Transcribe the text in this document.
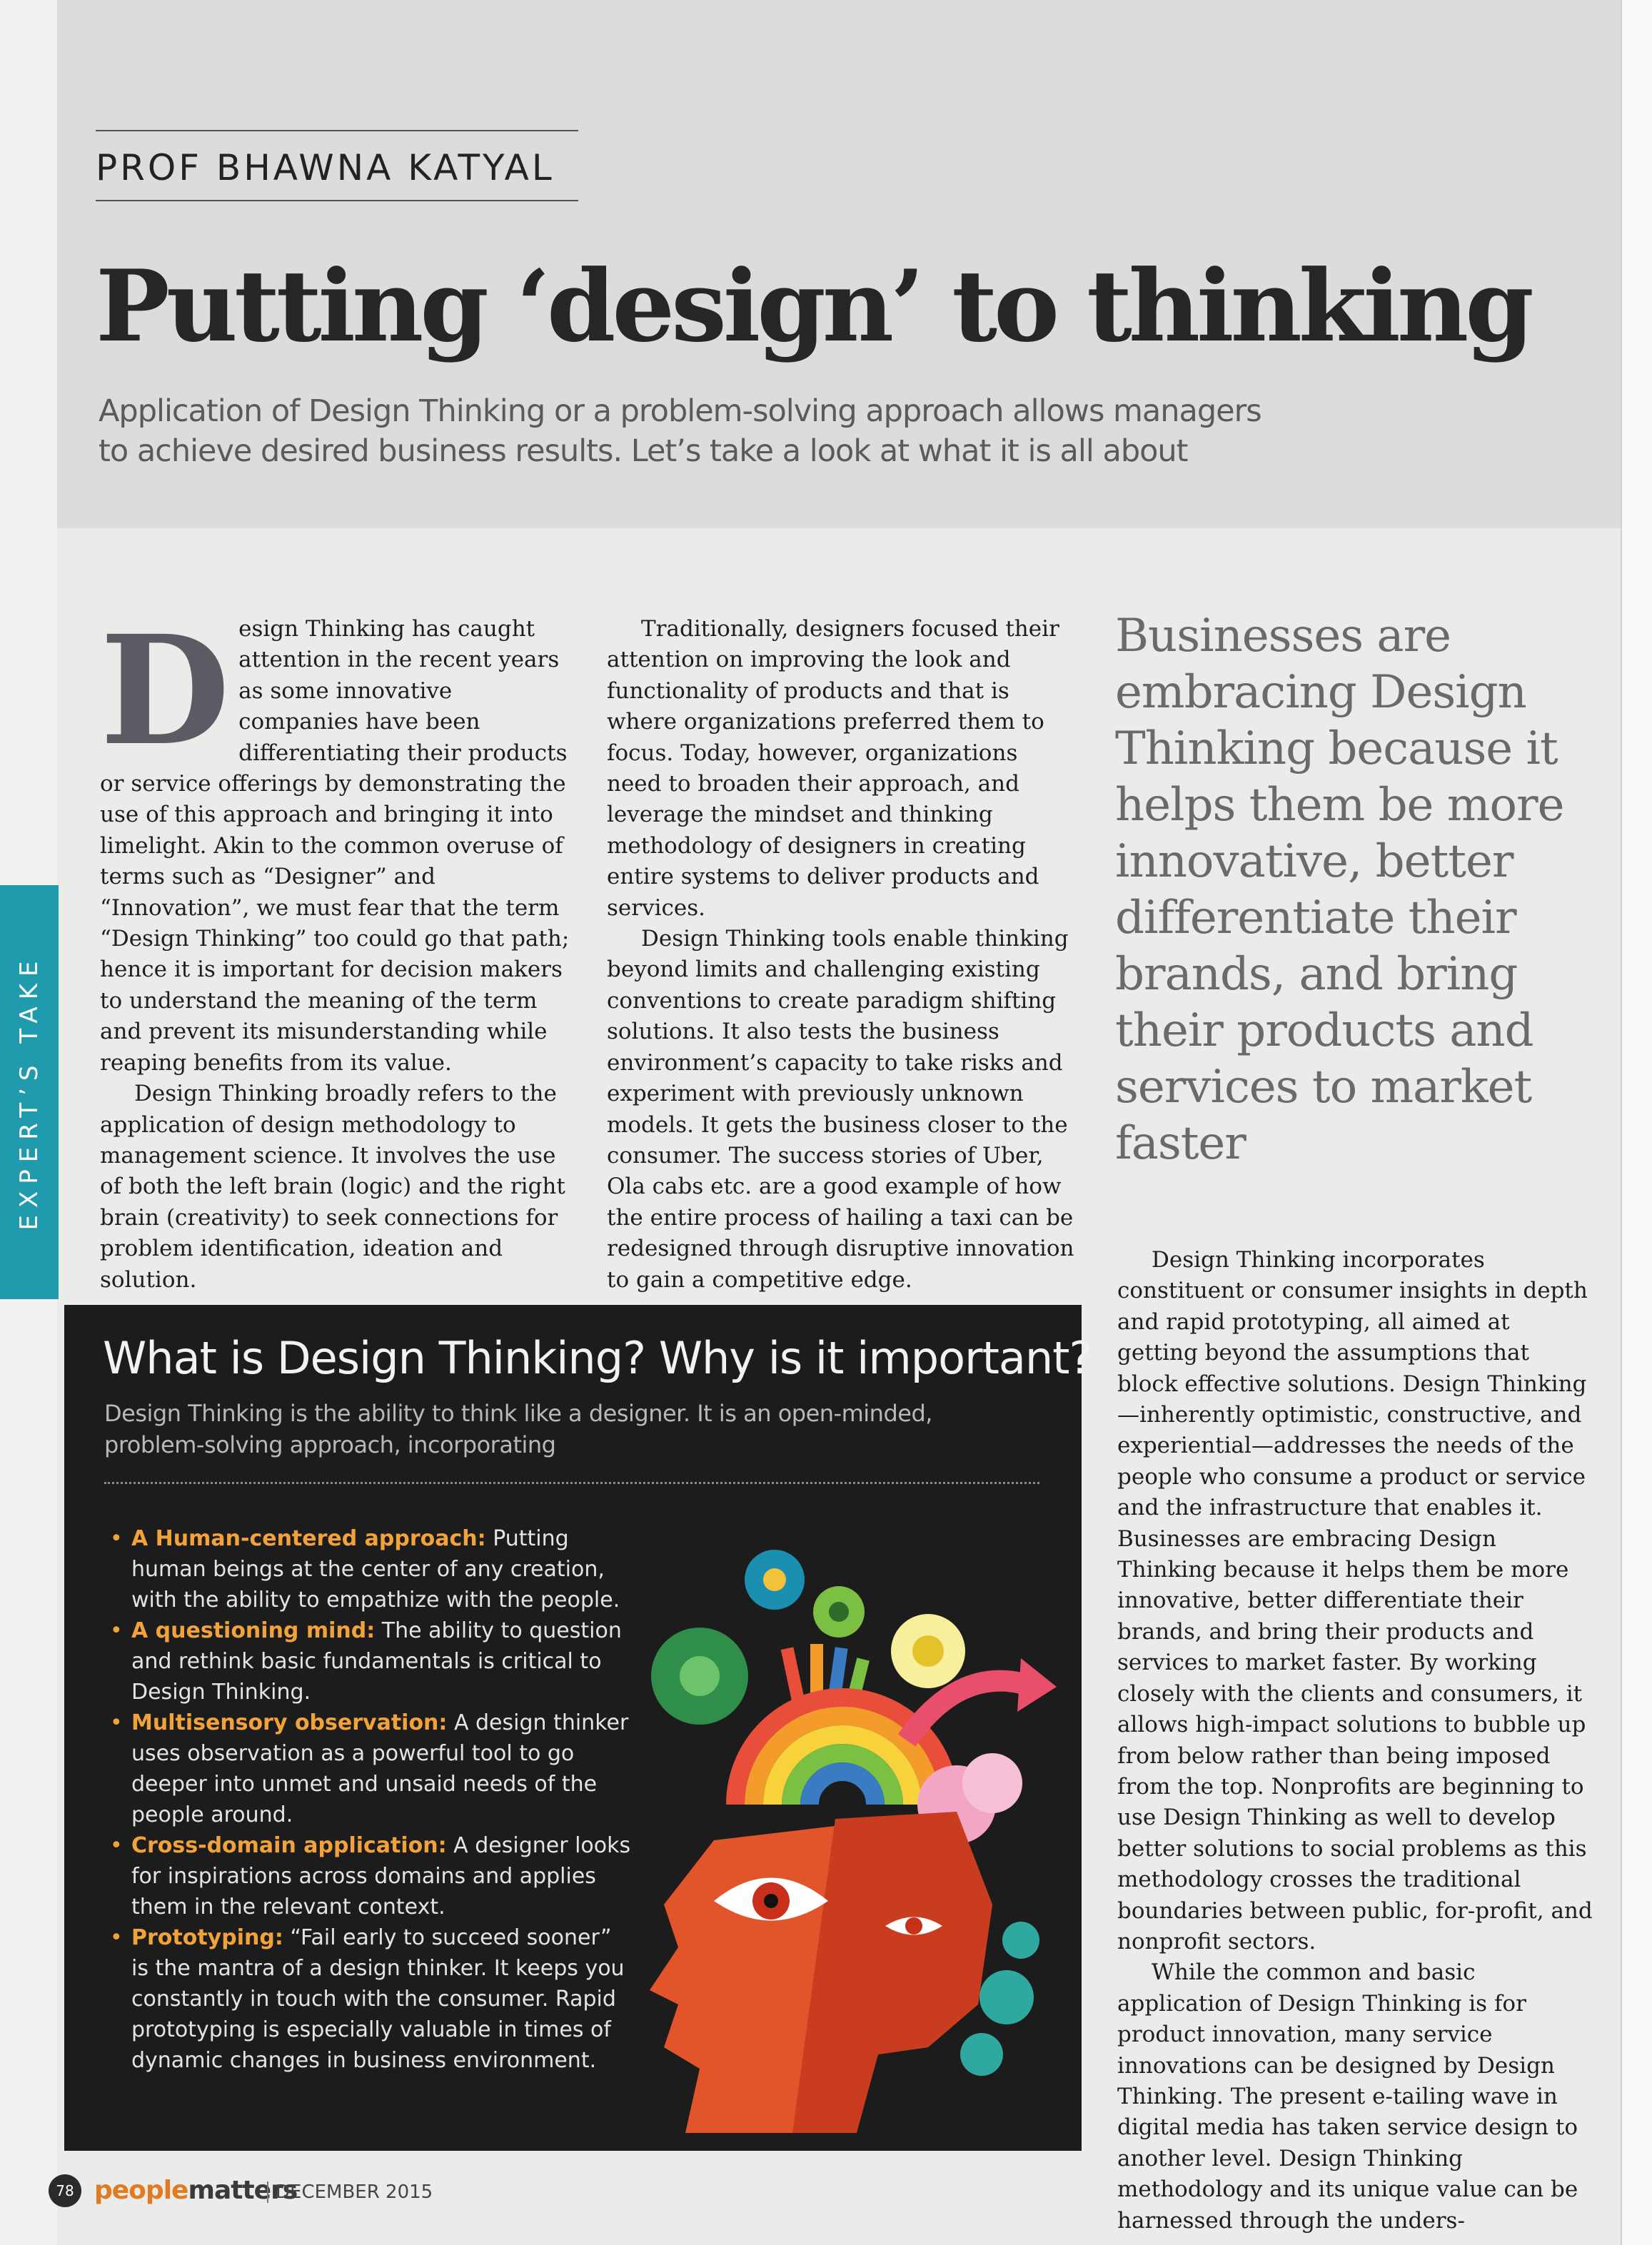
PROF BHAWNA KATYAL
Putting ‘design’ to thinking
Application of Design Thinking or a problem-solving approach allows managers
to achieve desired business results. Let’s take a look at what it is all about
EXPERT’S TAKE
D esign Thinking has caught attention in the recent years as some innovative companies have been differentiating their products or service offerings by demonstrating the use of this approach and bringing it into limelight. Akin to the common overuse of terms such as “Designer” and “Innovation”, we must fear that the term “Design Thinking” too could go that path; hence it is important for decision makers to understand the meaning of the term and prevent its misunderstanding while reaping benefits from its value.

Design Thinking broadly refers to the application of design methodology to management science. It involves the use of both the left brain (logic) and the right brain (creativity) to seek connections for problem identification, ideation and solution.

Traditionally, designers focused their attention on improving the look and functionality of products and that is where organizations preferred them to focus. Today, however, organizations need to broaden their approach, and leverage the mindset and thinking methodology of designers in creating entire systems to deliver products and services.

Design Thinking tools enable thinking beyond limits and challenging existing conventions to create paradigm shifting solutions. It also tests the business environment’s capacity to take risks and experiment with previously unknown models. It gets the business closer to the consumer. The success stories of Uber, Ola cabs etc. are a good example of how the entire process of hailing a taxi can be redesigned through disruptive innovation to gain a competitive edge.

Businesses are embracing Design Thinking because it helps them be more innovative, better differentiate their brands, and bring their products and services to market faster

Design Thinking incorporates constituent or consumer insights in depth and rapid prototyping, all aimed at getting beyond the assumptions that block effective solutions. Design Thinking—inherently optimistic, constructive, and experiential—addresses the needs of the people who consume a product or service and the infrastructure that enables it. Businesses are embracing Design Thinking because it helps them be more innovative, better differentiate their brands, and bring their products and services to market faster. By working closely with the clients and consumers, it allows high-impact solutions to bubble up from below rather than being imposed from the top. Nonprofits are beginning to use Design Thinking as well to develop better solutions to social problems as this methodology crosses the traditional boundaries between public, for-profit, and nonprofit sectors.

While the common and basic application of Design Thinking is for product innovation, many service innovations can be designed by Design Thinking. The present e-tailing wave in digital media has taken service design to another level. Design Thinking methodology and its unique value can be harnessed through the unders-

What is Design Thinking? Why is it important?
Design Thinking is the ability to think like a designer. It is an open-minded,
problem-solving approach, incorporating
• A Human-centered approach: Putting human beings at the center of any creation, with the ability to empathize with the people.
• A questioning mind: The ability to question and rethink basic fundamentals is critical to Design Thinking.
• Multisensory observation: A design thinker uses observation as a powerful tool to go deeper into unmet and unsaid needs of the people around.
• Cross-domain application: A designer looks for inspirations across domains and applies them in the relevant context.
• Prototyping: “Fail early to succeed sooner” is the mantra of a design thinker. It keeps you constantly in touch with the consumer. Rapid prototyping is especially valuable in times of dynamic changes in business environment.
78 peoplematters
DECEMBER 2015
